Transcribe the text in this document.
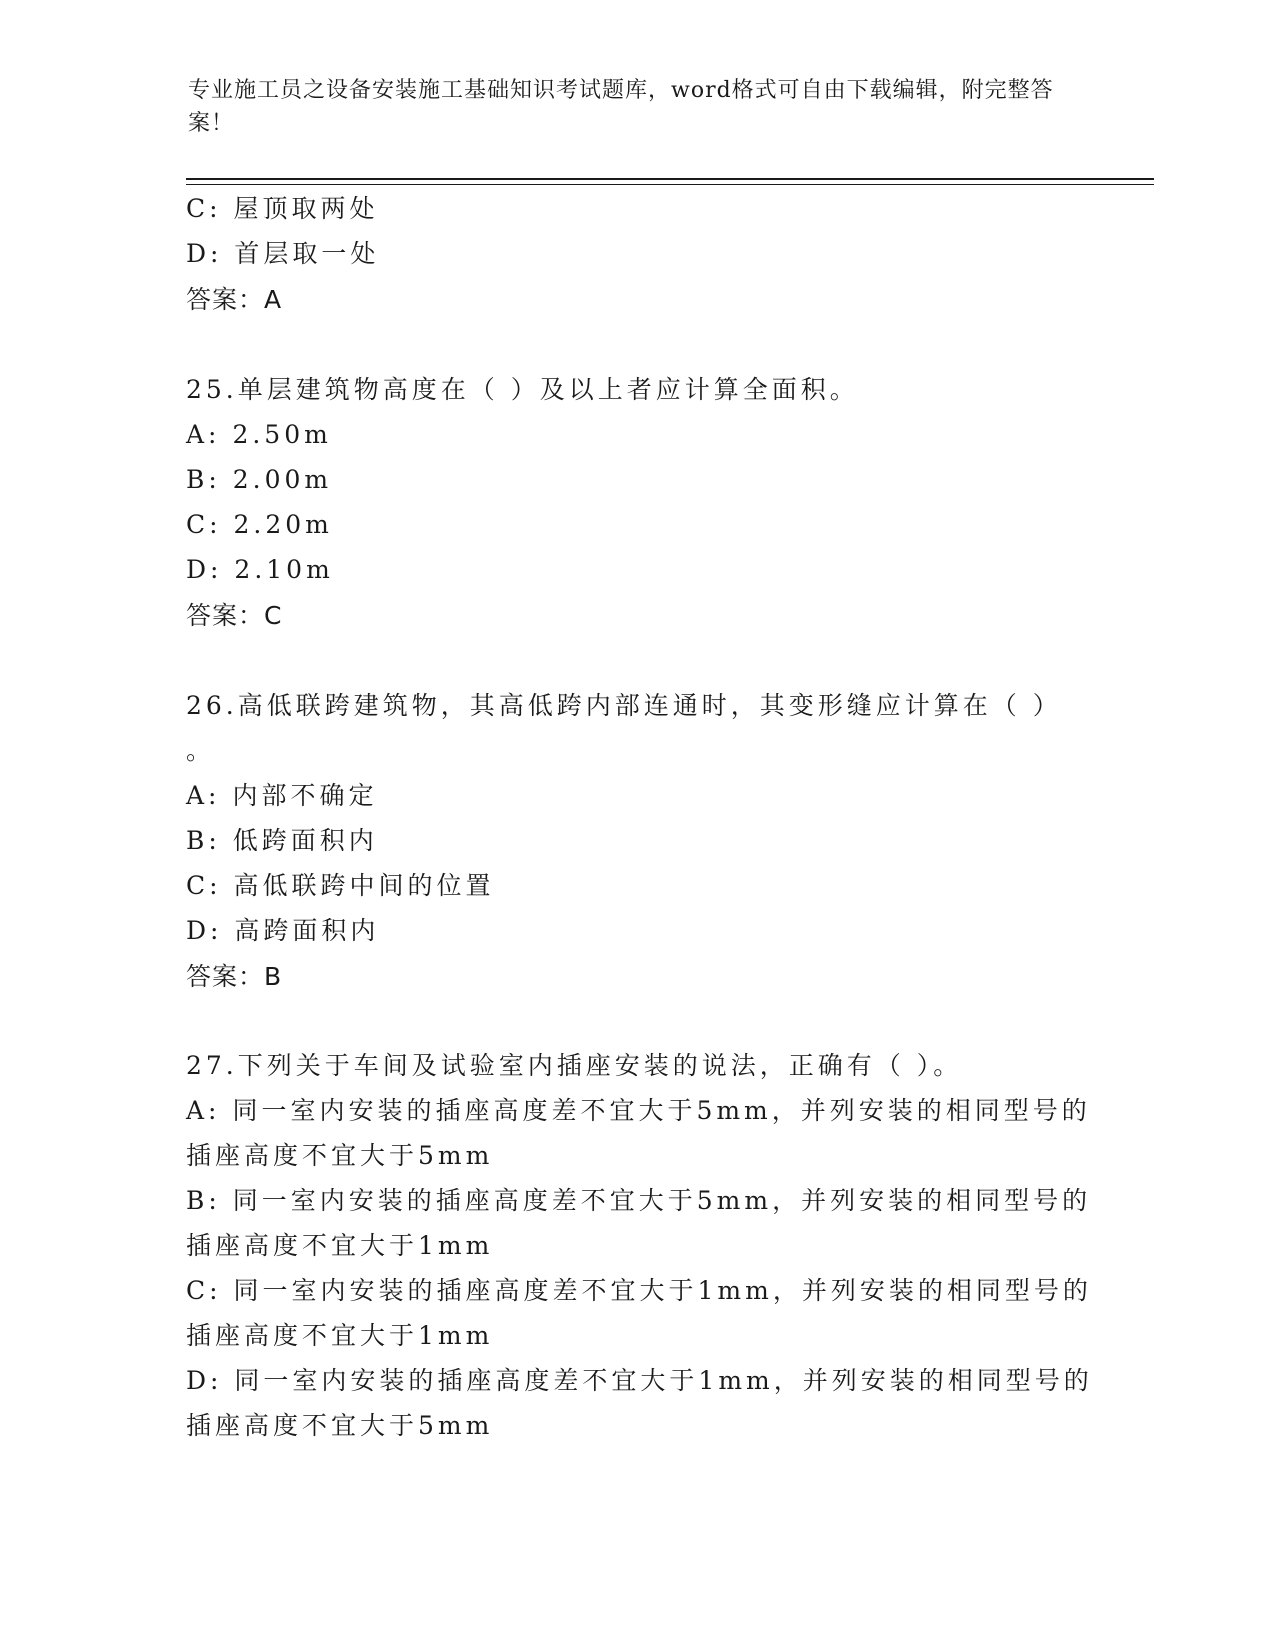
专业施工员之设备安装施工基础知识考试题库，word格式可自由下载编辑，附完整答案！
C: 屋顶取两处
D: 首层取一处
答案：A
25.单层建筑物高度在（ ）及以上者应计算全面积。
A: 2.50m
B: 2.00m
C: 2.20m
D: 2.10m
答案：C
26.高低联跨建筑物，其高低跨内部连通时，其变形缝应计算在（ ）
。
A: 内部不确定
B: 低跨面积内
C: 高低联跨中间的位置
D: 高跨面积内
答案：B
27.下列关于车间及试验室内插座安装的说法，正确有（ ）。
A: 同一室内安装的插座高度差不宜大于5mm，并列安装的相同型号的
插座高度不宜大于5mm
B: 同一室内安装的插座高度差不宜大于5mm，并列安装的相同型号的
插座高度不宜大于1mm
C: 同一室内安装的插座高度差不宜大于1mm，并列安装的相同型号的
插座高度不宜大于1mm
D: 同一室内安装的插座高度差不宜大于1mm，并列安装的相同型号的
插座高度不宜大于5mm
